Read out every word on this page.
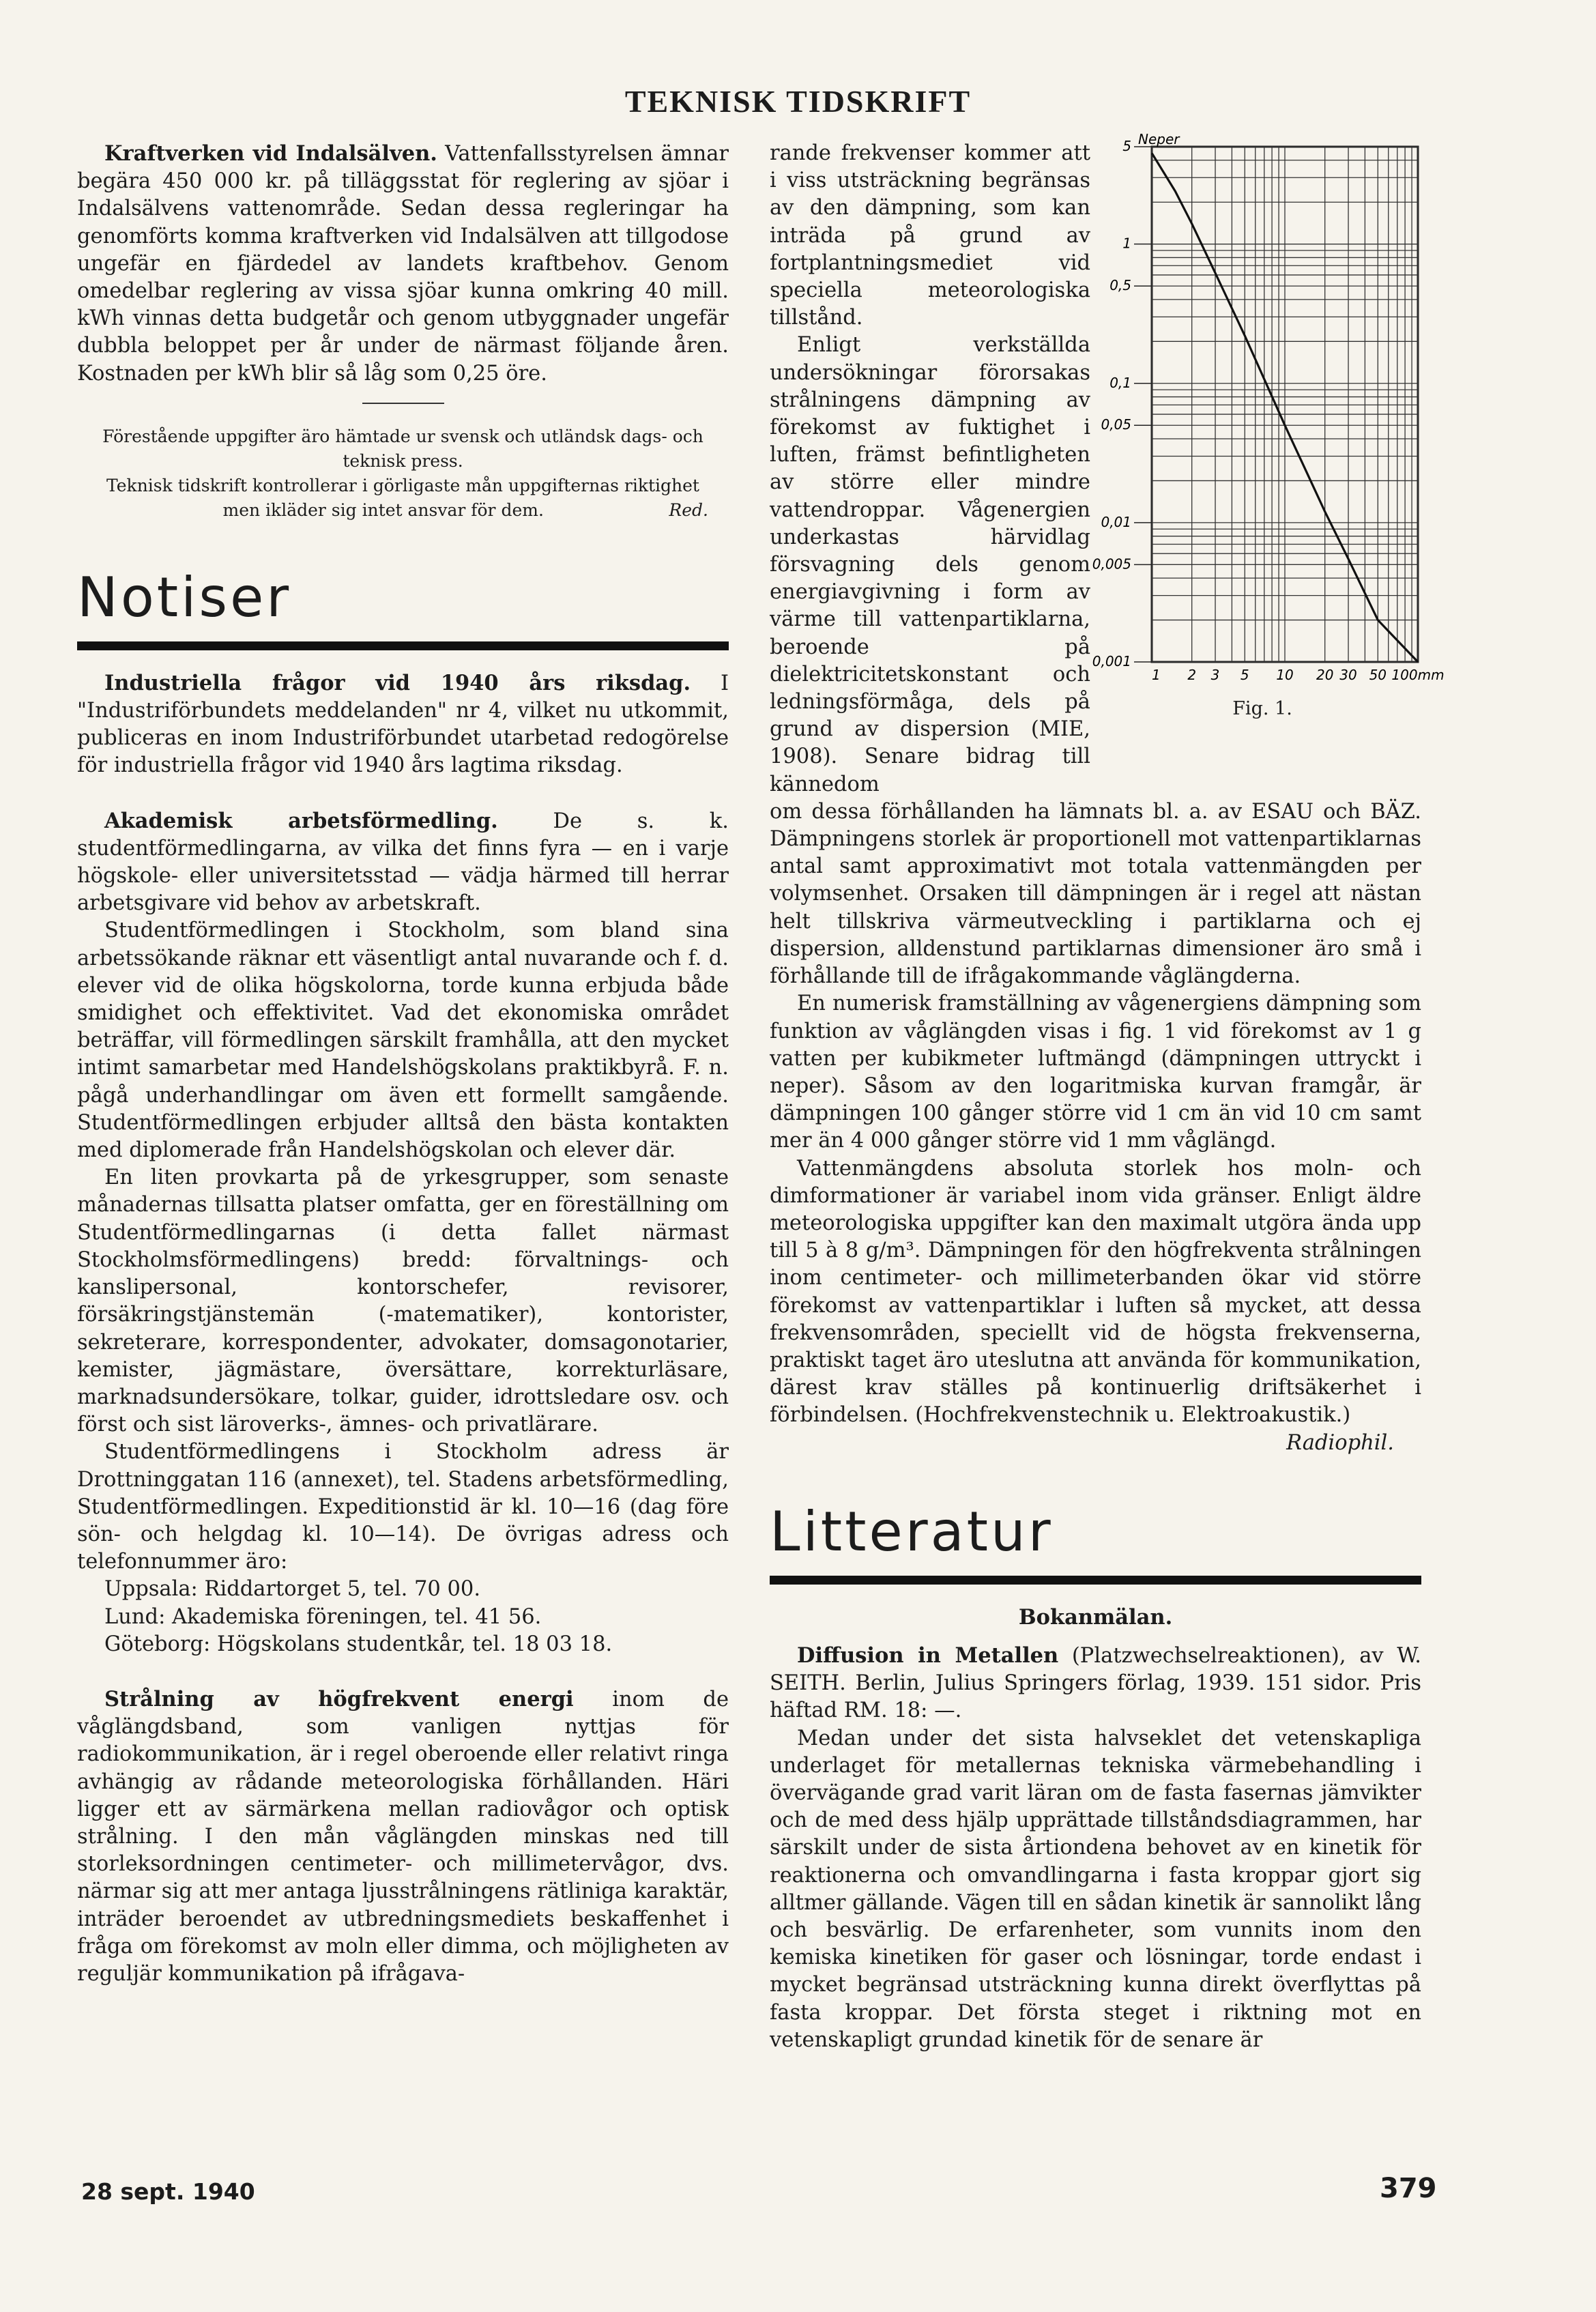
TEKNISK TIDSKRIFT

Kraftverken vid Indalsälven. Vattenfallsstyrelsen ämnar begära 450 000 kr. på tilläggsstat för reglering av sjöar i Indalsälvens vattenområde. Sedan dessa regleringar ha genomförts komma kraftverken vid Indalsälven att tillgodose ungefär en fjärdedel av landets kraftbehov. Genom omedelbar reglering av vissa sjöar kunna omkring 40 mill. kWh vinnas detta budgetår och genom utbyggnader ungefär dubbla beloppet per år under de närmast följande åren. Kostnaden per kWh blir så låg som 0,25 öre.

Förestående uppgifter äro hämtade ur svensk och utländsk dags- och teknisk press.
Teknisk tidskrift kontrollerar i görligaste mån uppgifternas riktighet men ikläder sig intet ansvar för dem.	Red.
Notiser

Industriella frågor vid 1940 års riksdag. I "Industriförbundets meddelanden" nr 4, vilket nu utkommit, publiceras en inom Industriförbundet utarbetad redogörelse för industriella frågor vid 1940 års lagtima riksdag.

Akademisk arbetsförmedling.	De s. k. studentförmedlingarna, av vilka det finns fyra — en i varje högskole- eller universitetsstad — vädja härmed till herrar arbetsgivare vid behov av arbetskraft.

Studentförmedlingen i Stockholm, som bland sina arbetssökande räknar ett väsentligt antal nuvarande och f. d. elever vid de olika högskolorna, torde kunna erbjuda både smidighet och effektivitet. Vad det ekonomiska området beträffar, vill förmedlingen särskilt framhålla, att den mycket intimt samarbetar med Handelshögskolans praktikbyrå. F. n. pågå underhandlingar om även ett formellt samgående. Studentförmedlingen erbjuder alltså den bästa kontakten med diplomerade från Handelshögskolan och elever där.

En liten provkarta på de yrkesgrupper, som senaste månadernas tillsatta platser omfatta, ger en föreställning om Studentförmedlingarnas (i detta fallet närmast Stockholmsförmedlingens) bredd: förvaltnings- och kanslipersonal, kontorschefer, revisorer, försäkringstjänstemän (-matematiker), kontorister, sekreterare, korrespondenter, advokater, domsagonotarier, kemister, jägmästare, översättare, korrekturläsare, marknadsundersökare, tolkar, guider, idrottsledare osv. och först och sist läroverks-, ämnes- och privatlärare.

Studentförmedlingens i Stockholm adress är Drottninggatan 116 (annexet), tel. Stadens arbetsförmedling, Studentförmedlingen. Expeditionstid är kl. 10—16 (dag före sön- och helgdag kl. 10—14). De övrigas adress och telefonnummer äro:

Uppsala: Riddartorget 5, tel. 70 00.

Lund: Akademiska föreningen, tel. 41 56.

Göteborg: Högskolans studentkår, tel. 18 03 18.

Strålning av högfrekvent energi inom de våglängdsband, som vanligen nyttjas för radiokommunikation, är i regel oberoende eller relativt ringa avhängig av rådande meteorologiska förhållanden. Häri ligger ett av särmärkena mellan radiovågor och optisk strålning. I den mån våglängden minskas ned till storleksordningen centimeter- och millimetervågor, dvs. närmar sig att mer antaga ljusstrålningens rätliniga karaktär, inträder beroendet av utbredningsmediets beskaffenhet i fråga om förekomst av moln eller dimma, och möjligheten av reguljär kommunikation på ifrågava-

rande frekvenser kommer att i viss utsträckning begränsas av den dämpning, som kan inträda på grund av fortplantningsmediet vid speciella meteorologiska tillstånd.

Enligt verkställda undersökningar förorsakas strålningens dämpning av förekomst av fuktighet i luften, främst befintligheten av större eller mindre vattendroppar. Vågenergien underkastas härvidlag försvagning dels genom energiavgivning i form av värme till vattenpartiklarna, beroende på dielektricitetskonstant och ledningsförmåga, dels på grund av dispersion (MIE, 1908). Senare bidrag till kännedom

om dessa förhållanden ha lämnats bl. a. av ESAU och BÄZ. Dämpningens storlek är proportionell mot vattenpartiklarnas antal samt approximativt mot totala vattenmängden per volymsenhet. Orsaken till dämpningen är i regel att nästan helt tillskriva värmeutveckling i partiklarna och ej dispersion, alldenstund partiklarnas dimensioner äro små i förhållande till de ifrågakommande våglängderna.

En numerisk framställning av vågenergiens dämpning som funktion av våglängden visas i fig. 1 vid förekomst av 1 g vatten per kubikmeter luftmängd (dämpningen uttryckt i neper). Såsom av den logaritmiska kurvan framgår, är dämpningen 100 gånger större vid 1 cm än vid 10 cm samt mer än 4 000 gånger större vid 1 mm våglängd.

Vattenmängdens absoluta storlek hos moln- och dimformationer är variabel inom vida gränser. Enligt äldre meteorologiska uppgifter kan den maximalt utgöra ända upp till 5 à 8 g/m³. Dämpningen för den högfrekventa strålningen inom centimeter- och millimeterbanden ökar vid större förekomst av vattenpartiklar i luften så mycket, att dessa frekvensområden, speciellt vid de högsta frekvenserna, praktiskt taget äro uteslutna att använda för kommunikation, därest krav ställes på kontinuerlig driftsäkerhet i förbindelsen. (Hochfrekvenstechnik u. Elektroakustik.)

Radiophil.

Litteratur
Bokanmälan.

Diffusion in Metallen (Platzwechselreaktionen), av W. SEITH. Berlin, Julius Springers förlag, 1939. 151 sidor. Pris häftad RM. 18: —.

Medan under det sista halvseklet det vetenskapliga underlaget för metallernas tekniska värmebehandling i övervägande grad varit läran om de fasta fasernas jämvikter och de med dess hjälp upprättade tillståndsdiagrammen, har särskilt under de sista årtiondena behovet av en kinetik för reaktionerna och omvandlingarna i fasta kroppar gjort sig alltmer gällande. Vägen till en sådan kinetik är sannolikt lång och besvärlig. De erfarenheter, som vunnits inom den kemiska kinetiken för gaser och lösningar, torde endast i mycket begränsad utsträckning kunna direkt överflyttas på fasta kroppar. Det första steget i riktning mot en vetenskapligt grundad kinetik för de senare är

5
1
0,5
0,1
0,05
0,01
0,005
0,001
Neper
1 2 3 5 10 20 30 50 100mm
Fig. 1.
28 sept. 1940	379
